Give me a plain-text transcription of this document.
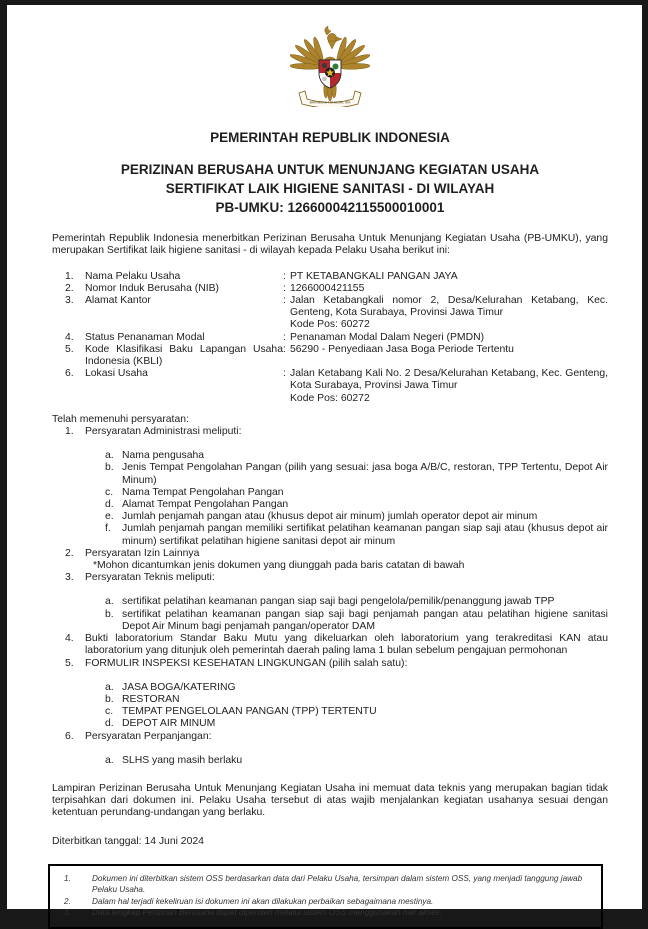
BHINNEKA TUNGGAL IKA
PEMERINTAH REPUBLIK INDONESIA
PERIZINAN BERUSAHA UNTUK MENUNJANG KEGIATAN USAHA
SERTIFIKAT LAIK HIGIENE SANITASI - DI WILAYAH
PB-UMKU: 126600042115500010001
Pemerintah Republik Indonesia menerbitkan Perizinan Berusaha Untuk Menunjang Kegiatan Usaha (PB-UMKU), yang merupakan Sertifikat laik higiene sanitasi - di wilayah kepada Pelaku Usaha berikut ini:
1.	Nama Pelaku Usaha	: PT KETABANGKALI PANGAN JAYA
2.	Nomor Induk Berusaha (NIB)	: 1266000421155
3.	Alamat Kantor	: Jalan Ketabangkali nomor 2, Desa/Kelurahan Ketabang, Kec. Genteng, Kota Surabaya, Provinsi Jawa Timur
Kode Pos: 60272
4.	Status Penanaman Modal	: Penanaman Modal Dalam Negeri (PMDN)
5.	Kode Klasifikasi Baku Lapangan Usaha Indonesia (KBLI)
: 56290 - Penyediaan Jasa Boga Periode Tertentu
6.	Lokasi Usaha	: Jalan Ketabang Kali No. 2 Desa/Kelurahan Ketabang, Kec. Genteng, Kota Surabaya, Provinsi Jawa Timur
Kode Pos: 60272
Telah memenuhi persyaratan:
1.	Persyaratan Administrasi meliputi:
a. Nama pengusaha
b. Jenis Tempat Pengolahan Pangan (pilih yang sesuai: jasa boga A/B/C, restoran, TPP Tertentu, Depot Air Minum)
c. Nama Tempat Pengolahan Pangan
d. Alamat Tempat Pengolahan Pangan
e. Jumlah penjamah pangan atau (khusus depot air minum) jumlah operator depot air minum
f.	Jumlah penjamah pangan memiliki sertifikat pelatihan keamanan pangan siap saji atau (khusus depot air minum) sertifikat pelatihan higiene sanitasi depot air minum
2.	Persyaratan Izin Lainnya
*Mohon dicantumkan jenis dokumen yang diunggah pada baris catatan di bawah
3.	Persyaratan Teknis meliputi:
a. sertifikat pelatihan keamanan pangan siap saji bagi pengelola/pemilik/penanggung jawab TPP
b. sertifikat pelatihan keamanan pangan siap saji bagi penjamah pangan atau pelatihan higiene sanitasi Depot Air Minum bagi penjamah pangan/operator DAM
4.	Bukti laboratorium Standar Baku Mutu yang dikeluarkan oleh laboratorium yang terakreditasi KAN atau laboratorium yang ditunjuk oleh pemerintah daerah paling lama 1 bulan sebelum pengajuan permohonan
5.	FORMULIR INSPEKSI KESEHATAN LINGKUNGAN (pilih salah satu):
a. JASA BOGA/KATERING
b. RESTORAN
c. TEMPAT PENGELOLAAN PANGAN (TPP) TERTENTU
d. DEPOT AIR MINUM
6.	Persyaratan Perpanjangan:
a. SLHS yang masih berlaku
Lampiran Perizinan Berusaha Untuk Menunjang Kegiatan Usaha ini memuat data teknis yang merupakan bagian tidak terpisahkan dari dokumen ini. Pelaku Usaha tersebut di atas wajib menjalankan kegiatan usahanya sesuai dengan ketentuan perundang-undangan yang berlaku.
Diterbitkan tanggal: 14 Juni 2024
1.	Dokumen ini diterbitkan sistem OSS berdasarkan data dari Pelaku Usaha, tersimpan dalam sistem OSS, yang menjadi tanggung jawab Pelaku Usaha.
2.	Dalam hal terjadi kekeliruan isi dokumen ini akan dilakukan perbaikan sebagaimana mestinya.
3.	Data lengkap Perizinan Berusaha dapat diperoleh melalui sistem OSS menggunakan hak akses.
